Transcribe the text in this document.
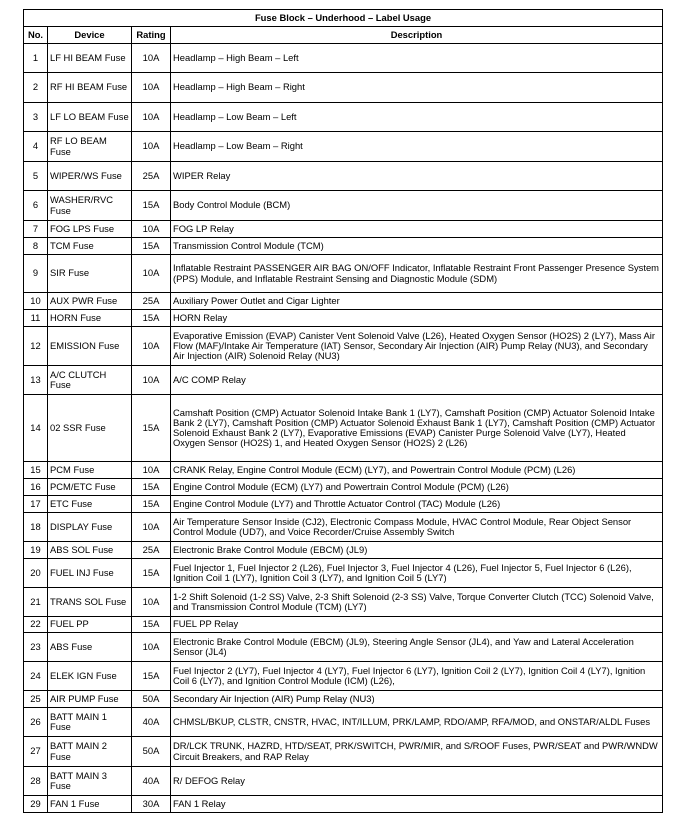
Fuse Block – Underhood – Label Usage			
No.	Device	Rating	Description
1	LF HI BEAM Fuse	10A	Headlamp – High Beam – Left
2	RF HI BEAM Fuse	10A	Headlamp – High Beam – Right
3	LF LO BEAM Fuse	10A	Headlamp – Low Beam – Left
4	RF LO BEAM Fuse	10A	Headlamp – Low Beam – Right
5	WIPER/WS Fuse	25A	WIPER Relay
6	WASHER/RVC Fuse	15A	Body Control Module (BCM)
7	FOG LPS Fuse	10A	FOG LP Relay
8	TCM Fuse	15A	Transmission Control Module (TCM)
9	SIR Fuse	10A	Inflatable Restraint PASSENGER AIR BAG ON/OFF Indicator, Inflatable Restraint Front Passenger Presence System (PPS) Module, and Inflatable Restraint Sensing and Diagnostic Module (SDM)
10	AUX PWR Fuse	25A	Auxiliary Power Outlet and Cigar Lighter
11	HORN Fuse	15A	HORN Relay
12	EMISSION Fuse	10A	Evaporative Emission (EVAP) Canister Vent Solenoid Valve (L26), Heated Oxygen Sensor (HO2S) 2 (LY7), Mass Air Flow (MAF)/Intake Air Temperature (IAT) Sensor, Secondary Air Injection (AIR) Pump Relay (NU3), and Secondary Air Injection (AIR) Solenoid Relay (NU3)
13	A/C CLUTCH Fuse	10A	A/C COMP Relay
14	02 SSR Fuse	15A	Camshaft Position (CMP) Actuator Solenoid Intake Bank 1 (LY7), Camshaft Position (CMP) Actuator Solenoid Intake Bank 2 (LY7), Camshaft Position (CMP) Actuator Solenoid Exhaust Bank 1 (LY7), Camshaft Position (CMP) Actuator Solenoid Exhaust Bank 2 (LY7), Evaporative Emissions (EVAP) Canister Purge Solenoid Valve (LY7), Heated Oxygen Sensor (HO2S) 1, and Heated Oxygen Sensor (HO2S) 2 (L26)
15	PCM Fuse	10A	CRANK Relay, Engine Control Module (ECM) (LY7), and Powertrain Control Module (PCM) (L26)
16	PCM/ETC Fuse	15A	Engine Control Module (ECM) (LY7) and Powertrain Control Module (PCM) (L26)
17	ETC Fuse	15A	Engine Control Module (LY7) and Throttle Actuator Control (TAC) Module (L26)
18	DISPLAY Fuse	10A	Air Temperature Sensor Inside (CJ2), Electronic Compass Module, HVAC Control Module, Rear Object Sensor Control Module (UD7), and Voice Recorder/Cruise Assembly Switch
19	ABS SOL Fuse	25A	Electronic Brake Control Module (EBCM) (JL9)
20	FUEL INJ Fuse	15A	Fuel Injector 1, Fuel Injector 2 (L26), Fuel Injector 3, Fuel Injector 4 (L26), Fuel Injector 5, Fuel Injector 6 (L26), Ignition Coil 1 (LY7), Ignition Coil 3 (LY7), and Ignition Coil 5 (LY7)
21	TRANS SOL Fuse	10A	1-2 Shift Solenoid (1-2 SS) Valve, 2-3 Shift Solenoid (2-3 SS) Valve, Torque Converter Clutch (TCC) Solenoid Valve, and Transmission Control Module (TCM) (LY7)
22	FUEL PP	15A	FUEL PP Relay
23	ABS Fuse	10A	Electronic Brake Control Module (EBCM) (JL9), Steering Angle Sensor (JL4), and Yaw and Lateral Acceleration Sensor (JL4)
24	ELEK IGN Fuse	15A	Fuel Injector 2 (LY7), Fuel Injector 4 (LY7), Fuel Injector 6 (LY7), Ignition Coil 2 (LY7), Ignition Coil 4 (LY7), Ignition Coil 6 (LY7), and Ignition Control Module (ICM) (L26),
25	AIR PUMP Fuse	50A	Secondary Air Injection (AIR) Pump Relay (NU3)
26	BATT MAIN 1 Fuse	40A	CHMSL/BKUP, CLSTR, CNSTR, HVAC, INT/ILLUM, PRK/LAMP, RDO/AMP, RFA/MOD, and ONSTAR/ALDL Fuses
27	BATT MAIN 2 Fuse	50A	DR/LCK TRUNK, HAZRD, HTD/SEAT, PRK/SWITCH, PWR/MIR, and S/ROOF Fuses, PWR/SEAT and PWR/WNDW Circuit Breakers, and RAP Relay
28	BATT MAIN 3 Fuse	40A	R/ DEFOG Relay
29	FAN 1 Fuse	30A	FAN 1 Relay
